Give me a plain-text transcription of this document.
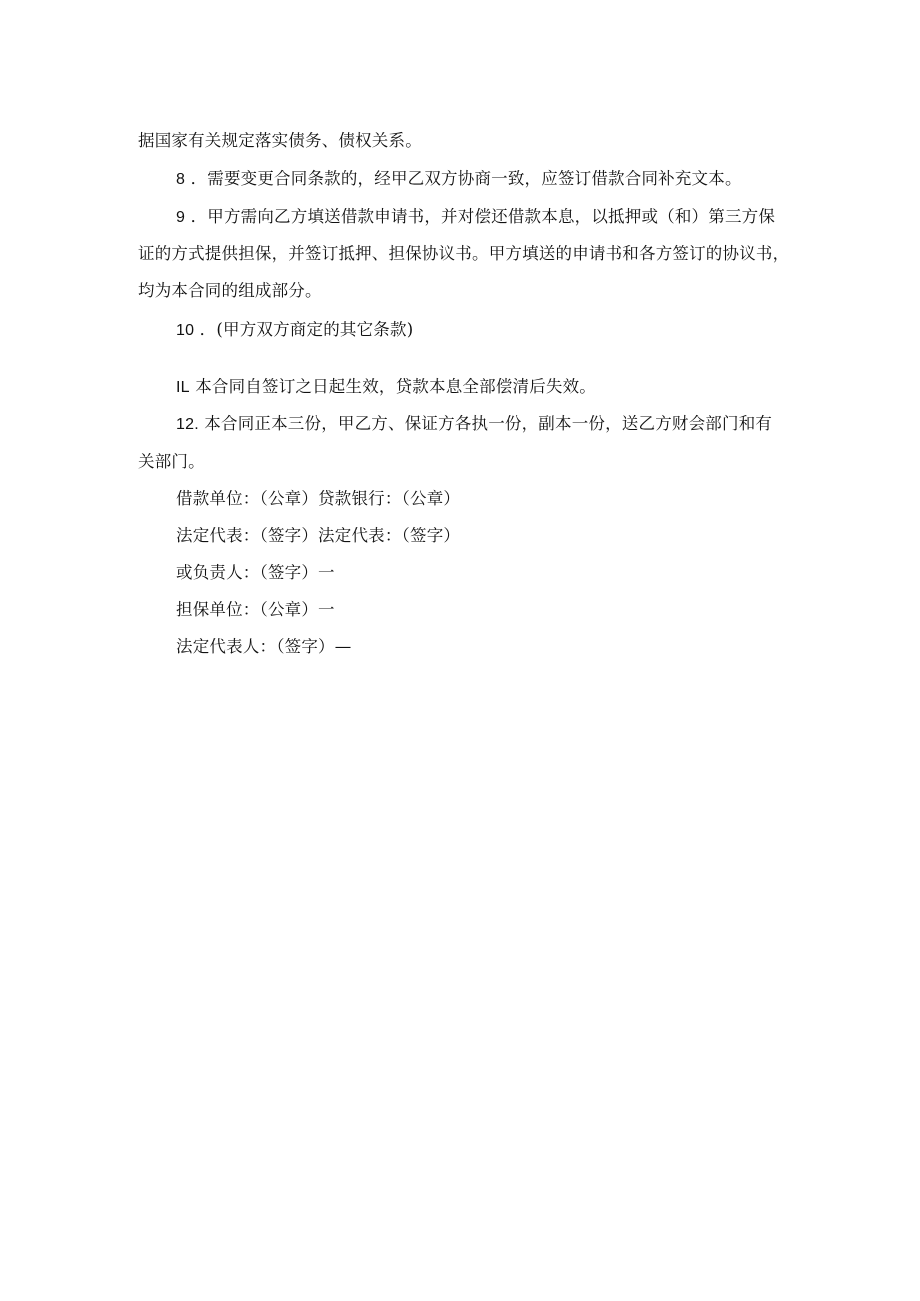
据国家有关规定落实债务、债权关系。
8 ．需要变更合同条款的，经甲乙双方协商一致，应签订借款合同补充文本。
9 ．甲方需向乙方填送借款申请书，并对偿还借款本息，以抵押或（和）第三方保
证的方式提供担保，并签订抵押、担保协议书。甲方填送的申请书和各方签订的协议书，
均为本合同的组成部分。
10 ．(甲方双方商定的其它条款)
IL 本合同自签订之日起生效，贷款本息全部偿清后失效。
12. 本合同正本三份，甲乙方、保证方各执一份，副本一份，送乙方财会部门和有
关部门。
借款单位：（公章）贷款银行：（公章）
法定代表：（签字）法定代表：（签字）
或负责人：（签字）一
担保单位：（公章）一
法定代表人：（签字）—
